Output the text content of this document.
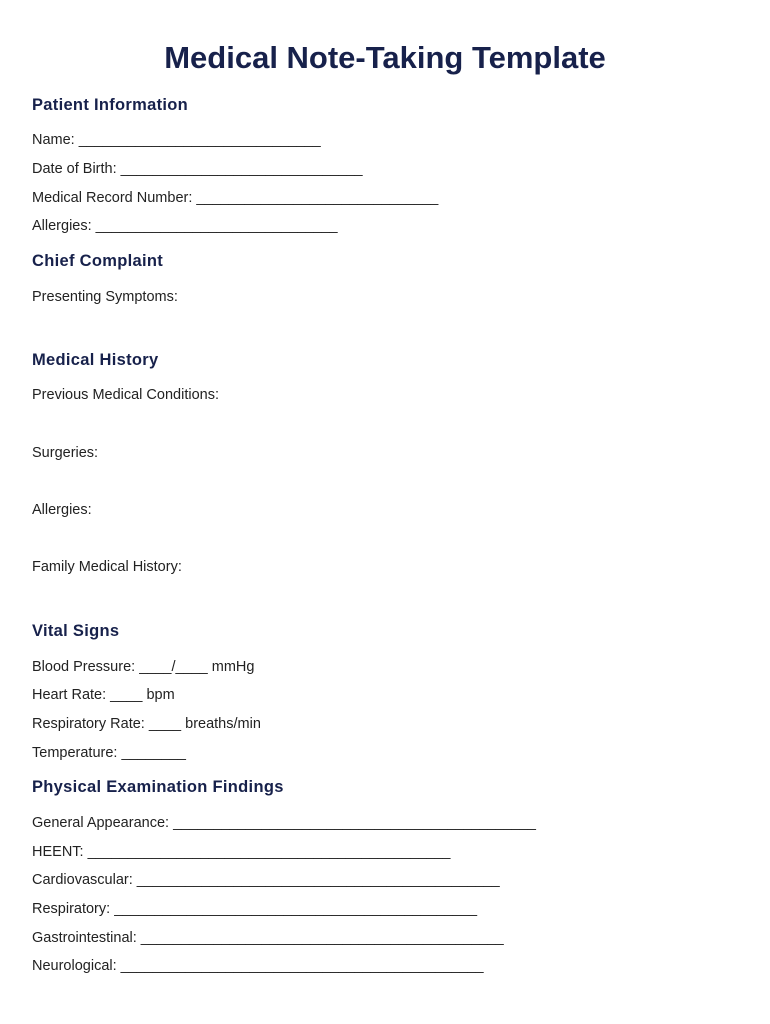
Medical Note-Taking Template
Patient Information

Name: ______________________________

Date of Birth: ______________________________

Medical Record Number: ______________________________

Allergies: ______________________________

Chief Complaint

Presenting Symptoms:

Medical History

Previous Medical Conditions:

Surgeries:

Allergies:

Family Medical History:

Vital Signs

Blood Pressure: ____/____ mmHg

Heart Rate: ____ bpm

Respiratory Rate: ____ breaths/min

Temperature: ________

Physical Examination Findings

General Appearance: _____________________________________________

HEENT: _____________________________________________

Cardiovascular: _____________________________________________

Respiratory: _____________________________________________

Gastrointestinal: _____________________________________________

Neurological: _____________________________________________
